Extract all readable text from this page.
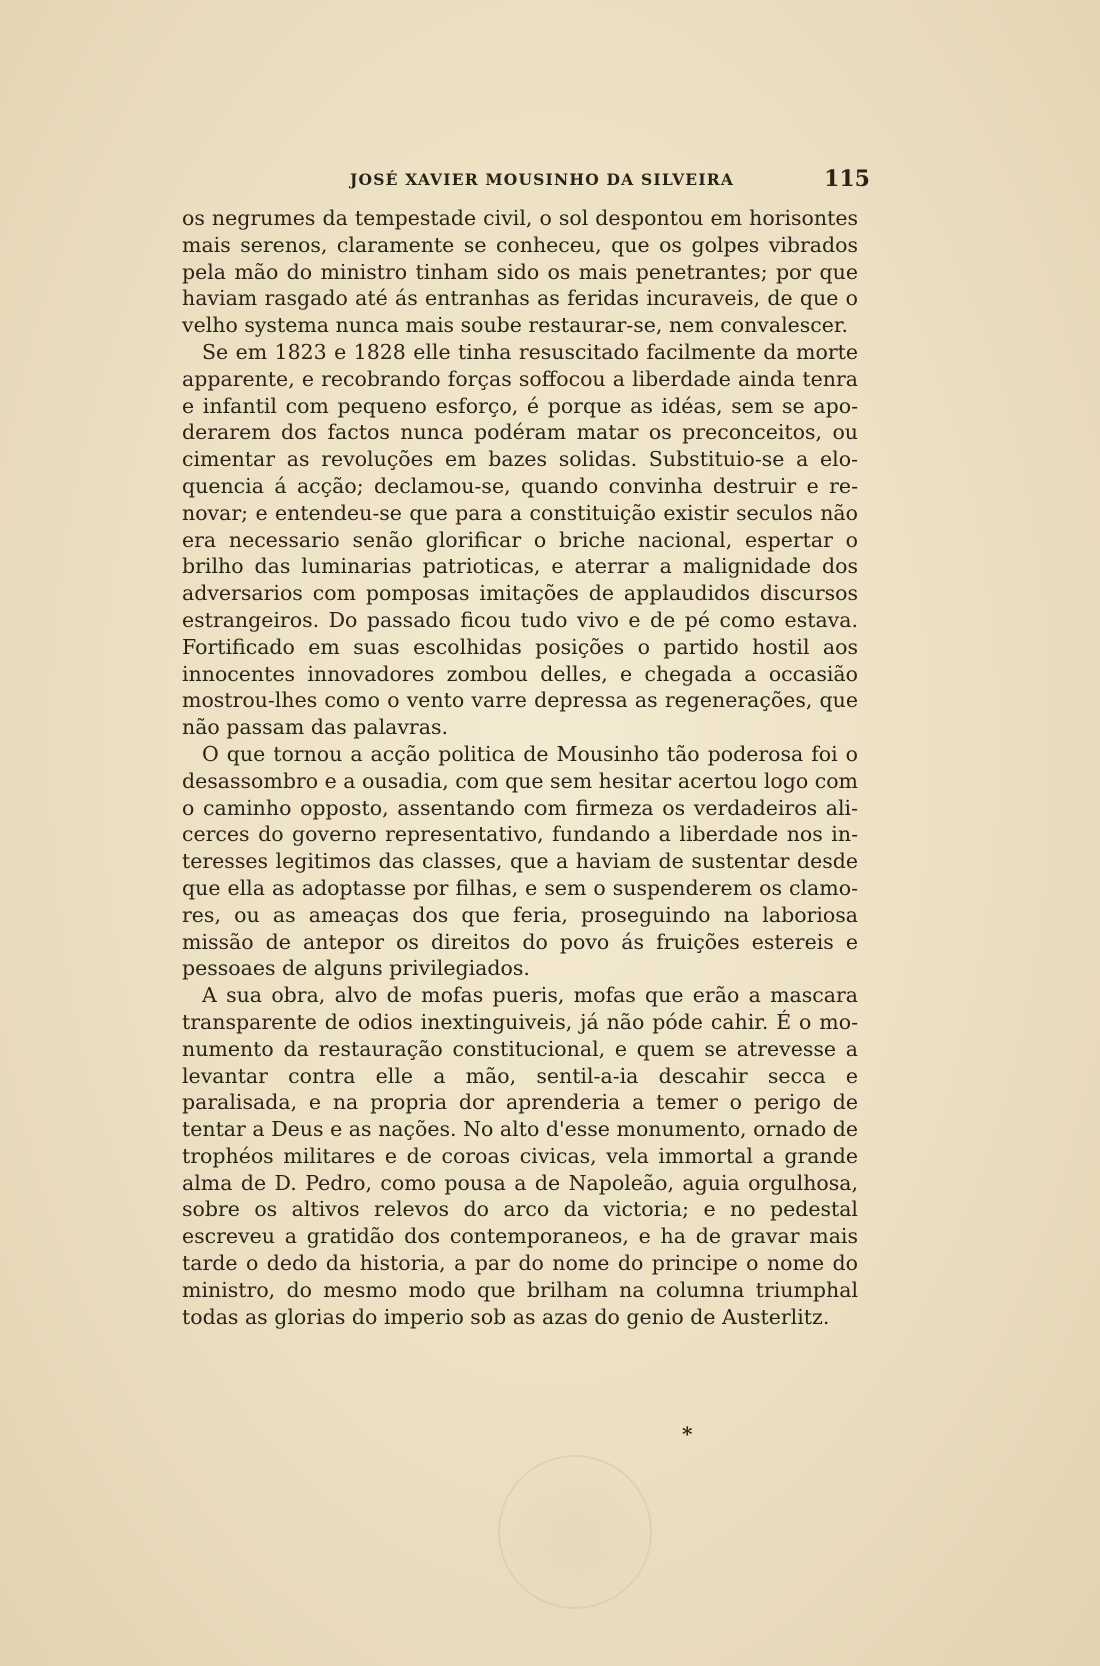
JOSÉ XAVIER MOUSINHO DA SILVEIRA	115

os negrumes da tempestade civil, o sol despontou em horisontes mais serenos, claramente se conheceu, que os golpes vibrados pela mão do ministro tinham sido os mais penetrantes; por que haviam rasgado até ás entranhas as feridas incuraveis, de que o velho systema nunca mais soube restaurar-se, nem convalescer.

Se em 1823 e 1828 elle tinha resuscitado facilmente da morte apparente, e recobrando forças soffocou a liberdade ainda tenra e infantil com pequeno esforço, é porque as idéas, sem se apoderarem dos factos nunca podéram matar os preconceitos, ou cimentar as revoluções em bazes solidas. Substituio-se a eloquencia á acção; declamou-se, quando convinha destruir e renovar; e entendeu-se que para a constituição existir seculos não era necessario senão glorificar o briche nacional, espertar o brilho das luminarias patrioticas, e aterrar a malignidade dos adversarios com pomposas imitações de applaudidos discursos estrangeiros. Do passado ficou tudo vivo e de pé como estava. Fortificado em suas escolhidas posições o partido hostil aos innocentes innovadores zombou delles, e chegada a occasião mostrou-lhes como o vento varre depressa as regenerações, que não passam das palavras.

O que tornou a acção politica de Mousinho tão poderosa foi o desassombro e a ousadia, com que sem hesitar acertou logo com o caminho opposto, assentando com firmeza os verdadeiros alicerces do governo representativo, fundando a liberdade nos interesses legitimos das classes, que a haviam de sustentar desde que ella as adoptasse por filhas, e sem o suspenderem os clamores, ou as ameaças dos que feria, proseguindo na laboriosa missão de antepor os direitos do povo ás fruições estereis e pessoaes de alguns privilegiados.

A sua obra, alvo de mofas pueris, mofas que erão a mascara transparente de odios inextinguiveis, já não póde cahir. É o monumento da restauração constitucional, e quem se atrevesse a levantar contra elle a mão, sentil-a-ia descahir secca e paralisada, e na propria dor aprenderia a temer o perigo de tentar a Deus e as nações. No alto d'esse monumento, ornado de trophéos militares e de coroas civicas, vela immortal a grande alma de D. Pedro, como pousa a de Napoleão, aguia orgulhosa, sobre os altivos relevos do arco da victoria; e no pedestal escreveu a gratidão dos contemporaneos, e ha de gravar mais tarde o dedo da historia, a par do nome do principe o nome do ministro, do mesmo modo que brilham na columna triumphal todas as glorias do imperio sob as azas do genio de Austerlitz.

*
